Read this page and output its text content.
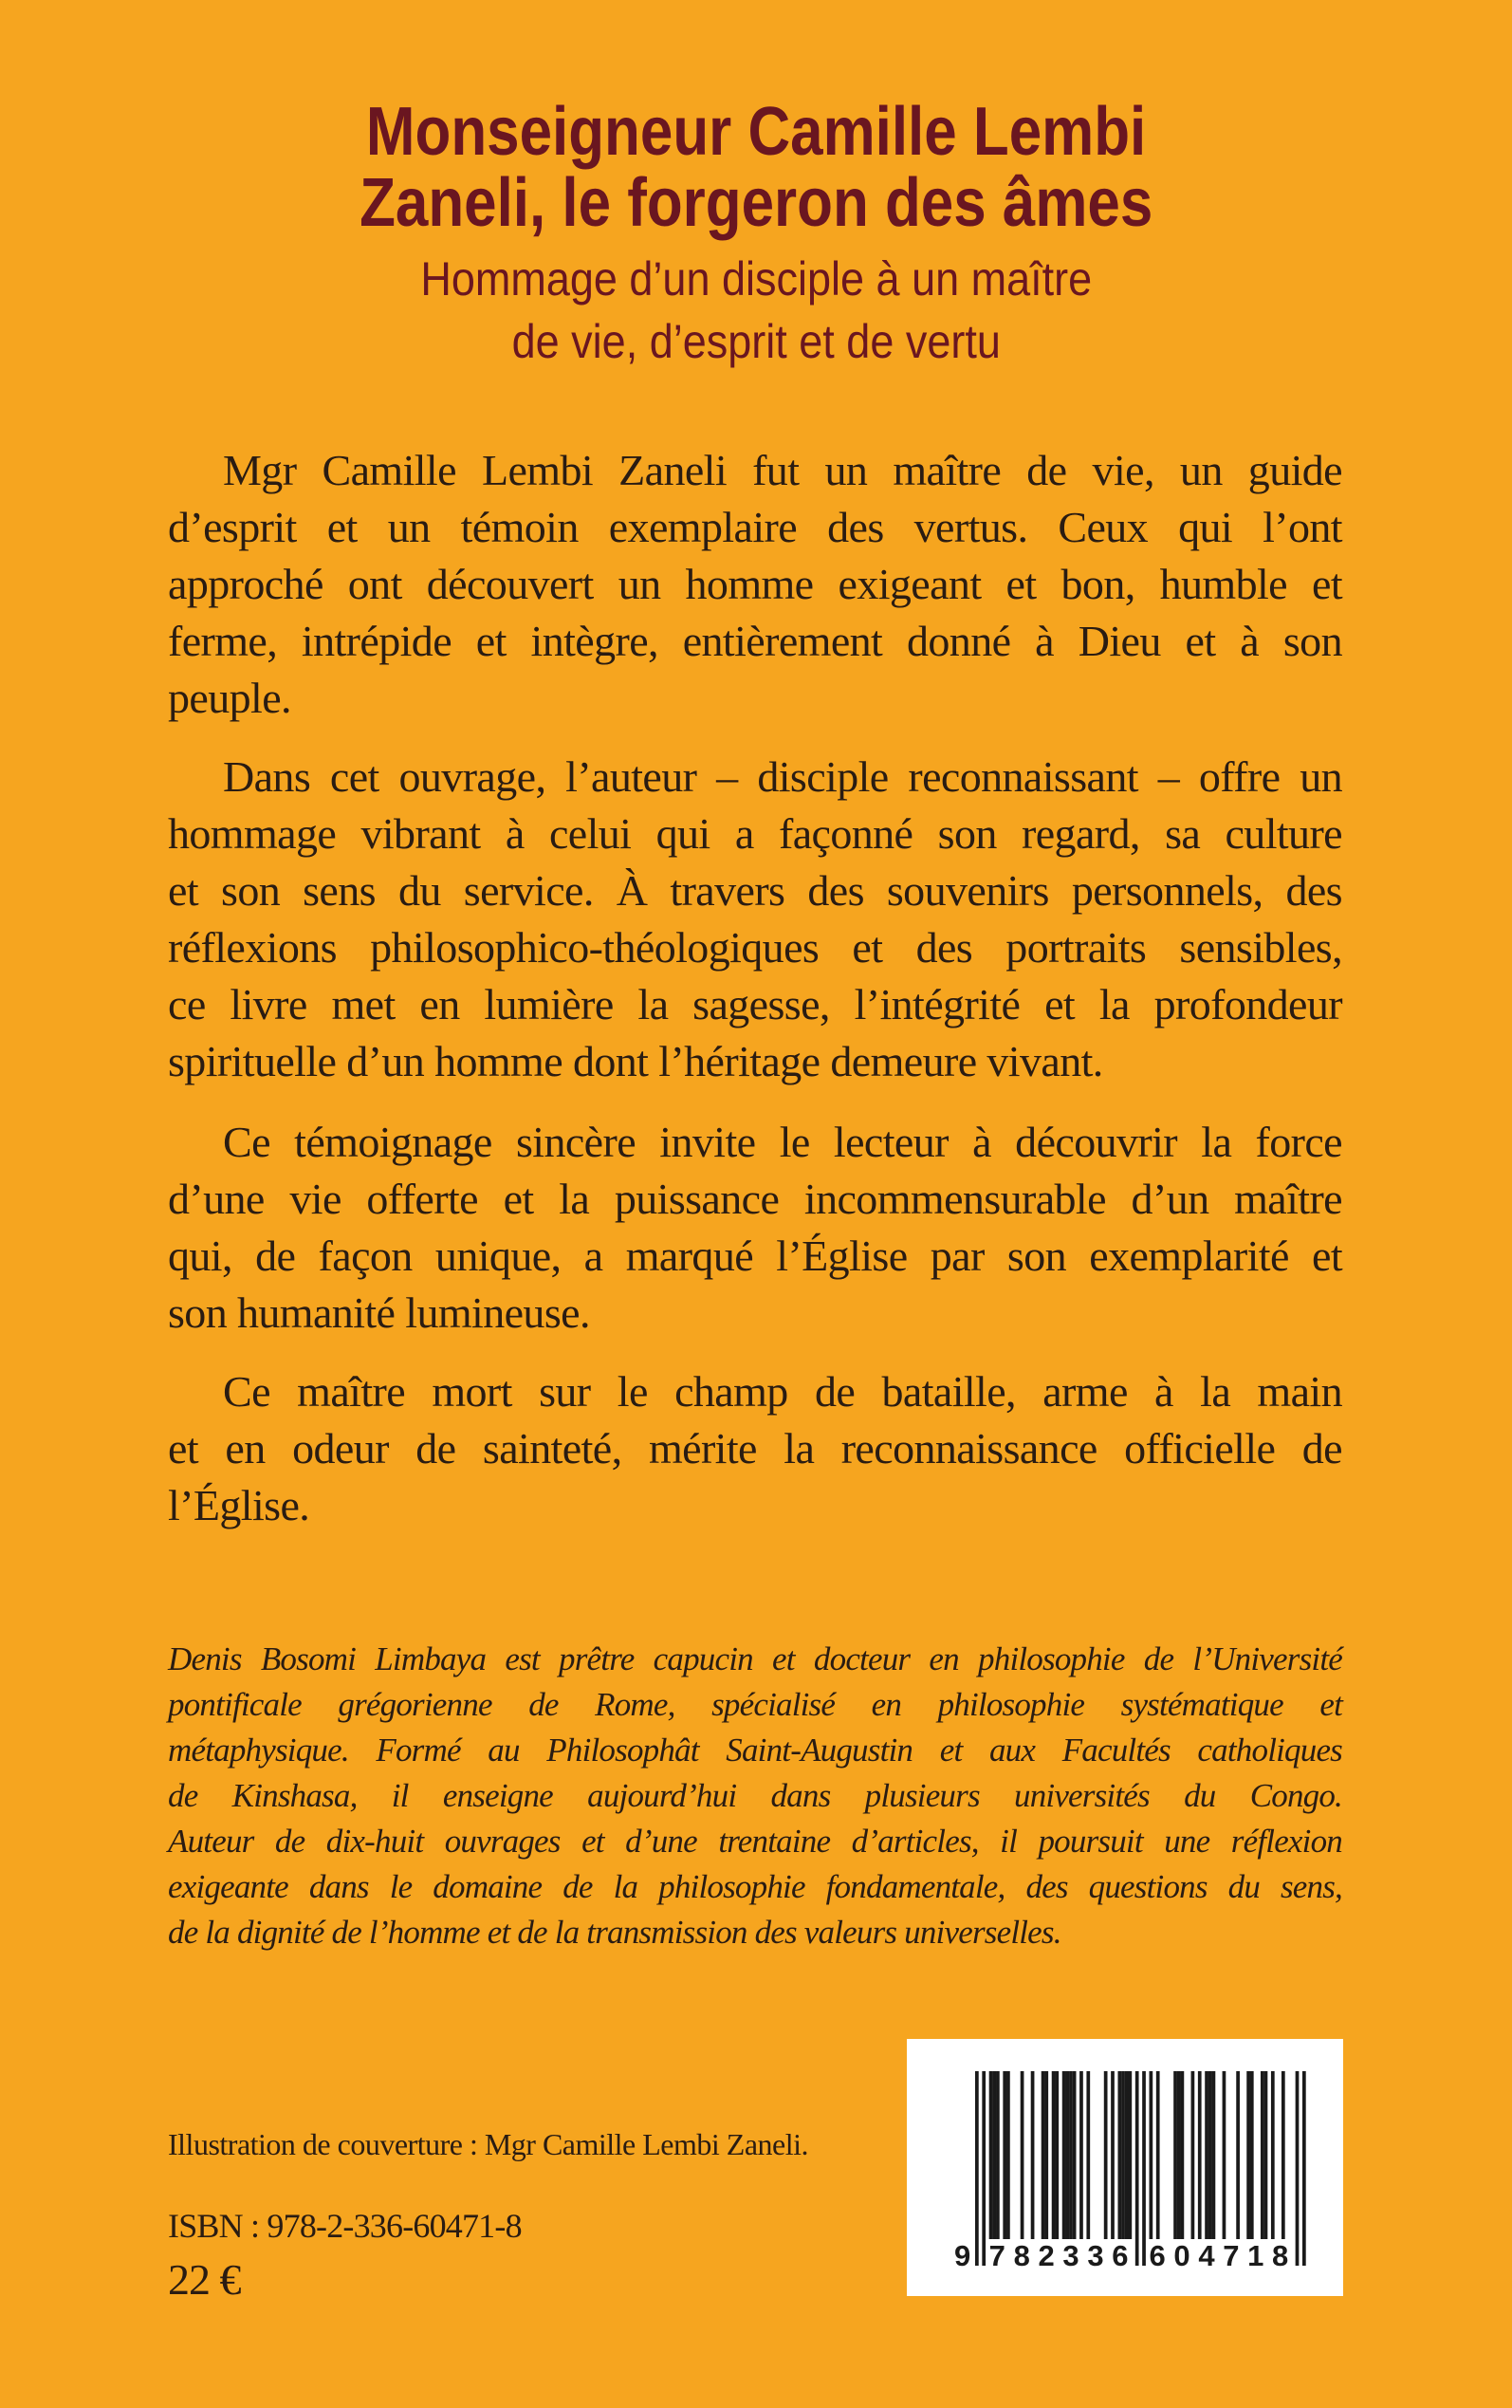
Monseigneur Camille Lembi
Zaneli, le forgeron des âmes
Hommage d’un disciple à un maître
de vie, d’esprit et de vertu
Mgr Camille Lembi Zaneli fut un maître de vie, un guide
d’esprit et un témoin exemplaire des vertus. Ceux qui l’ont
approché ont découvert un homme exigeant et bon, humble et
ferme, intrépide et intègre, entièrement donné à Dieu et à son
peuple.
Dans cet ouvrage, l’auteur – disciple reconnaissant – offre un
hommage vibrant à celui qui a façonné son regard, sa culture
et son sens du service. À travers des souvenirs personnels, des
réflexions philosophico-théologiques et des portraits sensibles,
ce livre met en lumière la sagesse, l’intégrité et la profondeur
spirituelle d’un homme dont l’héritage demeure vivant.
Ce témoignage sincère invite le lecteur à découvrir la force
d’une vie offerte et la puissance incommensurable d’un maître
qui, de façon unique, a marqué l’Église par son exemplarité et
son humanité lumineuse.
Ce maître mort sur le champ de bataille, arme à la main
et en odeur de sainteté, mérite la reconnaissance officielle de
l’Église.
Denis Bosomi Limbaya est prêtre capucin et docteur en philosophie de l’Université
pontificale grégorienne de Rome, spécialisé en philosophie systématique et
métaphysique. Formé au Philosophât Saint-Augustin et aux Facultés catholiques
de Kinshasa, il enseigne aujourd’hui dans plusieurs universités du Congo.
Auteur de dix-huit ouvrages et d’une trentaine d’articles, il poursuit une réflexion
exigeante dans le domaine de la philosophie fondamentale, des questions du sens,
de la dignité de l’homme et de la transmission des valeurs universelles.
Illustration de couverture : Mgr Camille Lembi Zaneli.
ISBN : 978-2-336-60471-8
22 €	9 782336 604718
